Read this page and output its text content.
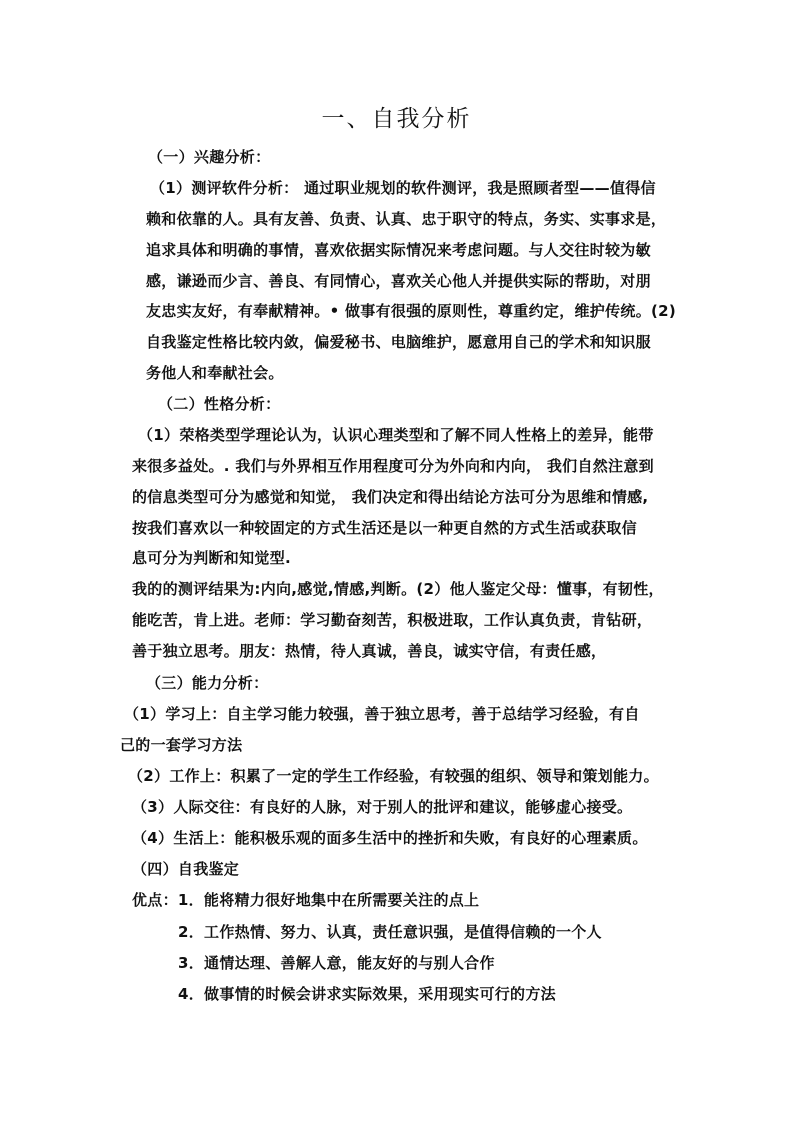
一、自我分析
（一）兴趣分析：
（1）测评软件分析： 通过职业规划的软件测评，我是照顾者型——值得信
赖和依靠的人。具有友善、负责、认真、忠于职守的特点，务实、实事求是，
追求具体和明确的事情，喜欢依据实际情况来考虑问题。与人交往时较为敏
感，谦逊而少言、善良、有同情心，喜欢关心他人并提供实际的帮助，对朋
友忠实友好，有奉献精神。• 做事有很强的原则性，尊重约定，维护传统。(2)
自我鉴定性格比较内敛，偏爱秘书、电脑维护，愿意用自己的学术和知识服
务他人和奉献社会。
（二）性格分析：
（1）荣格类型学理论认为，认识心理类型和了解不同人性格上的差异，能带
来很多益处。. 我们与外界相互作用程度可分为外向和内向， 我们自然注意到
的信息类型可分为感觉和知觉， 我们决定和得出结论方法可分为思维和情感,
按我们喜欢以一种较固定的方式生活还是以一种更自然的方式生活或获取信
息可分为判断和知觉型.
我的的测评结果为:内向,感觉,情感,判断。(2）他人鉴定父母：懂事，有韧性，
能吃苦，肯上进。老师：学习勤奋刻苦，积极进取，工作认真负责，肯钻研，
善于独立思考。朋友：热情，待人真诚，善良，诚实守信，有责任感，
（三）能力分析：
（1）学习上：自主学习能力较强，善于独立思考，善于总结学习经验，有自
己的一套学习方法
（2）工作上：积累了一定的学生工作经验，有较强的组织、领导和策划能力。
（3）人际交往：有良好的人脉，对于别人的批评和建议，能够虚心接受。
（4）生活上：能积极乐观的面多生活中的挫折和失败，有良好的心理素质。
（四）自我鉴定
优点：1．能将精力很好地集中在所需要关注的点上
2．工作热情、努力、认真，责任意识强，是值得信赖的一个人
3．通情达理、善解人意，能友好的与别人合作
4．做事情的时候会讲求实际效果，采用现实可行的方法
